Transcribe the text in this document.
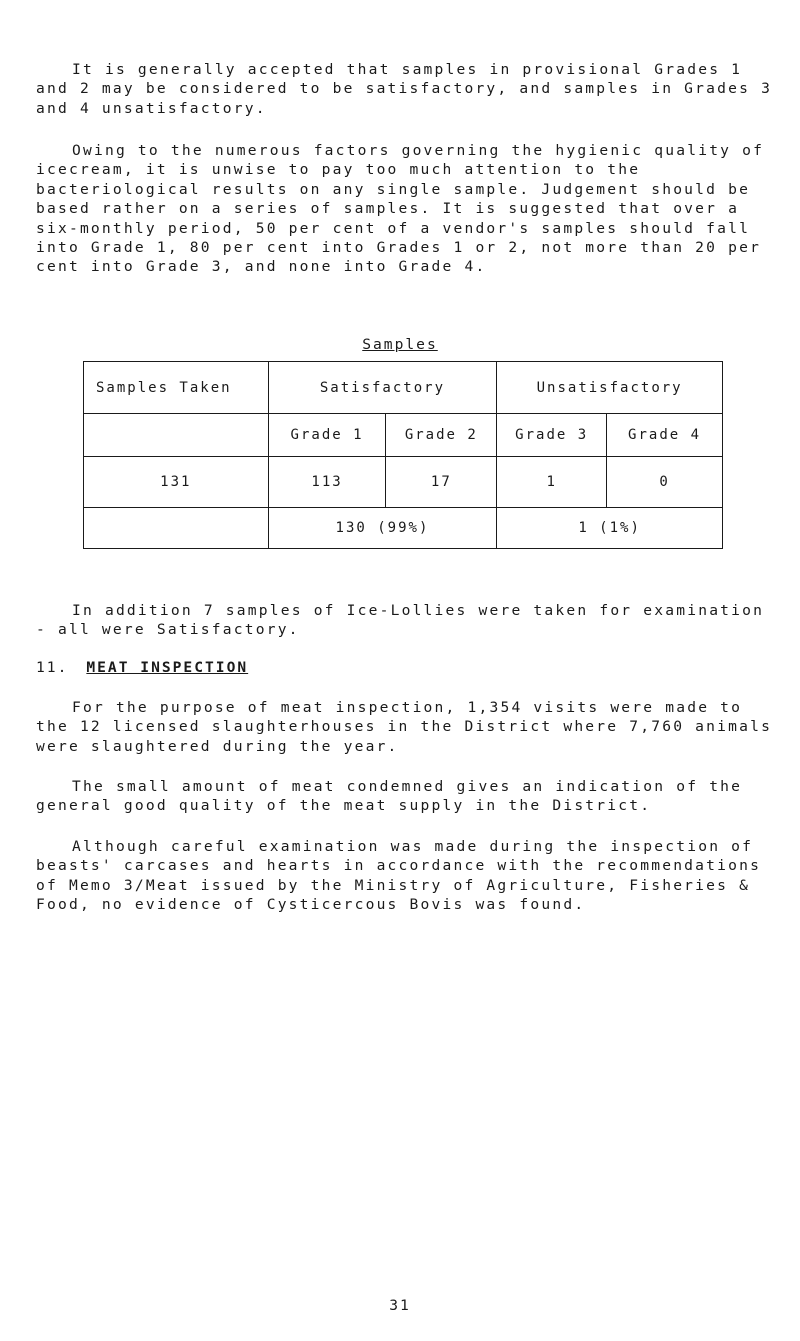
It is generally accepted that samples in provisional Grades 1 and 2 may be considered to be satisfactory, and samples in Grades 3 and 4 unsatisfactory.

Owing to the numerous factors governing the hygienic quality of icecream, it is unwise to pay too much attention to the bacteriological results on any single sample. Judgement should be based rather on a series of samples. It is suggested that over a six-monthly period, 50 per cent of a vendor's samples should fall into Grade 1, 80 per cent into Grades 1 or 2, not more than 20 per cent into Grade 3, and none into Grade 4.

Samples

Samples Taken	Satisfactory		Unsatisfactory	
	Grade 1	Grade 2	Grade 3	Grade 4
131	113	17	1	0
	130 (99%)		1 (1%)	

In addition 7 samples of Ice-Lollies were taken for examination - all were Satisfactory.

11. MEAT INSPECTION

For the purpose of meat inspection, 1,354 visits were made to the 12 licensed slaughterhouses in the District where 7,760 animals were slaughtered during the year.

The small amount of meat condemned gives an indication of the general good quality of the meat supply in the District.

Although careful examination was made during the inspection of beasts' carcases and hearts in accordance with the recommendations of Memo 3/Meat issued by the Ministry of Agriculture, Fisheries & Food, no evidence of Cysticercous Bovis was found.

31
